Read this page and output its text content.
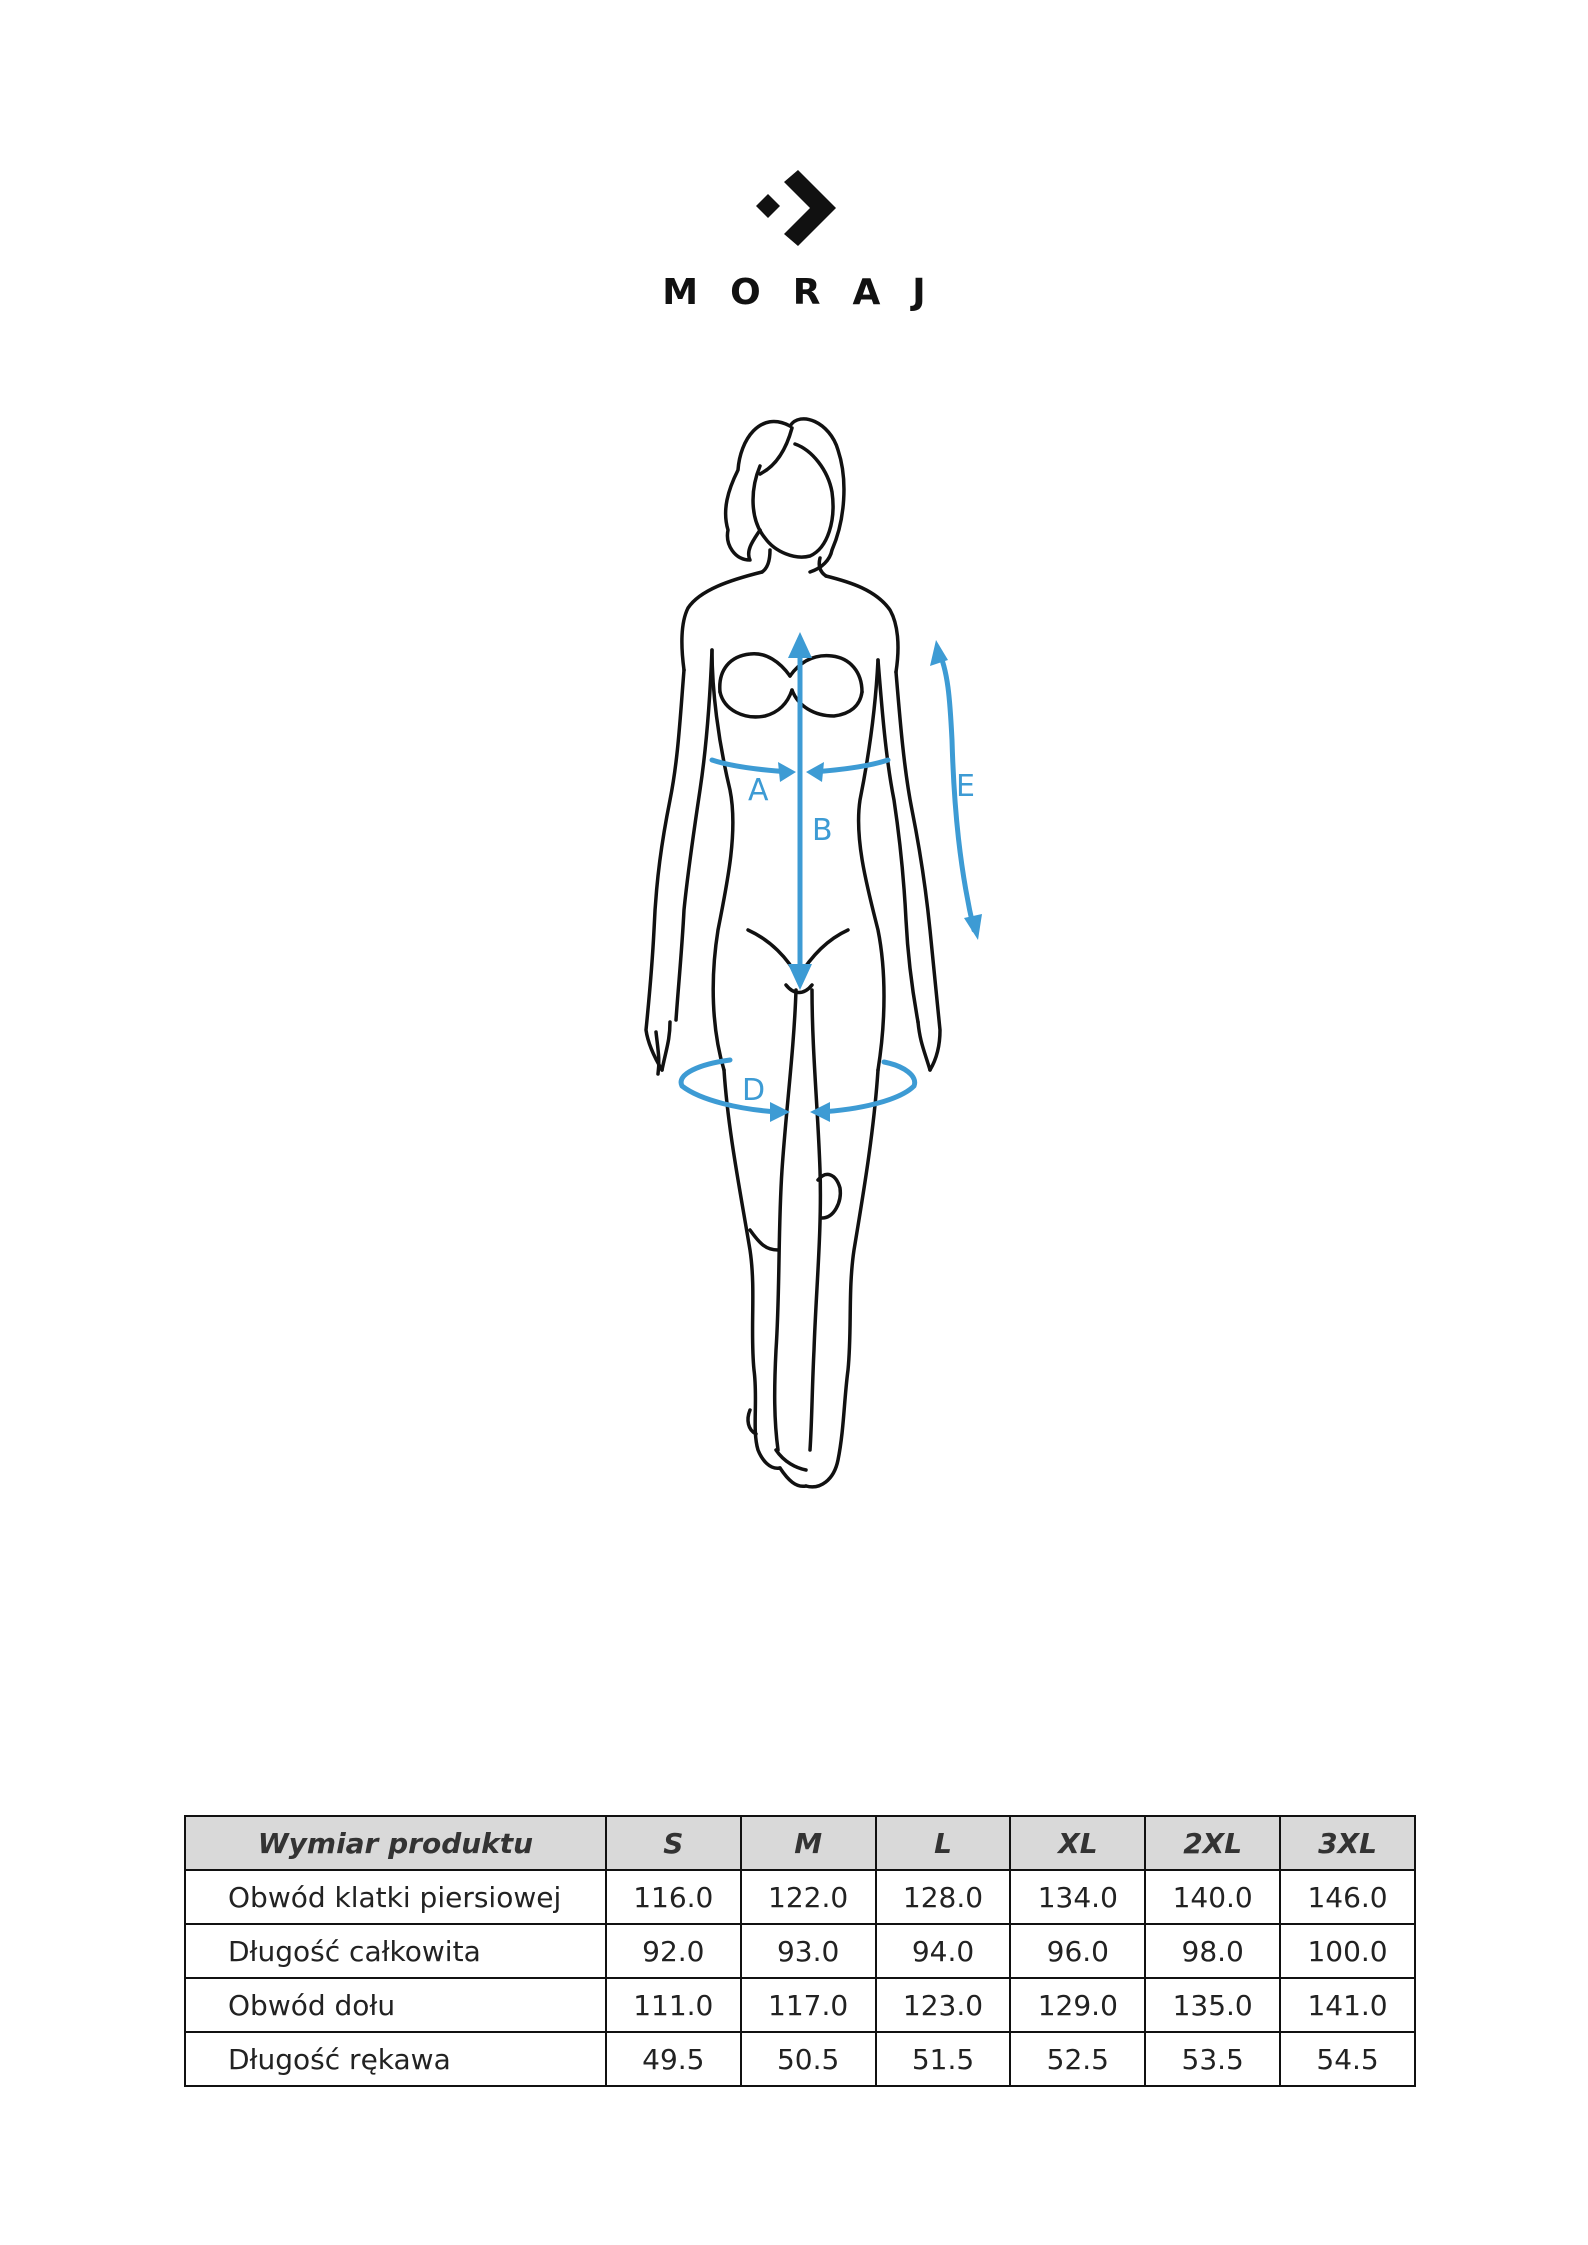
MORAJ
A
B
D
E
Wymiar produktu	S	M	L	XL	2XL	3XL
Obwód klatki piersiowej	116.0	122.0	128.0	134.0	140.0	146.0
Długość całkowita	92.0	93.0	94.0	96.0	98.0	100.0
Obwód dołu	111.0	117.0	123.0	129.0	135.0	141.0
Długość rękawa	49.5	50.5	51.5	52.5	53.5	54.5
